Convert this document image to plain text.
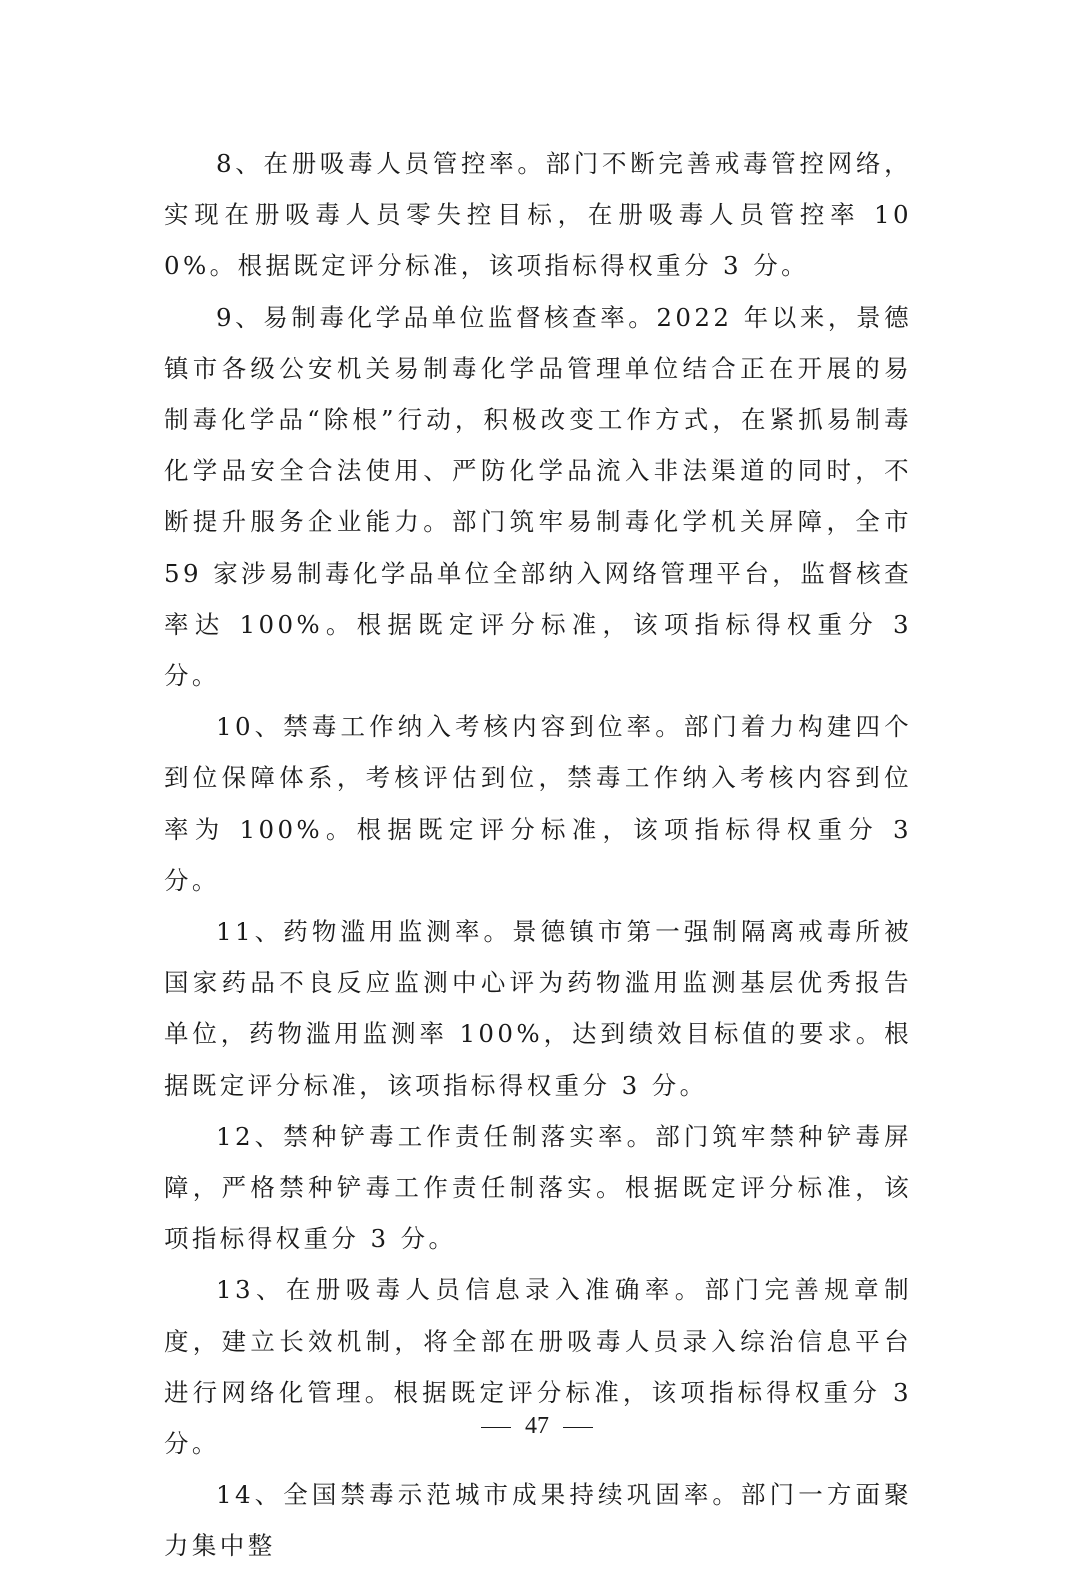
8、在册吸毒人员管控率。部门不断完善戒毒管控网络，实现在册吸毒人员零失控目标，在册吸毒人员管控率 100%。根据既定评分标准，该项指标得权重分 3 分。

9、易制毒化学品单位监督核查率。2022 年以来，景德镇市各级公安机关易制毒化学品管理单位结合正在开展的易制毒化学品“除根”行动，积极改变工作方式，在紧抓易制毒化学品安全合法使用、严防化学品流入非法渠道的同时，不断提升服务企业能力。部门筑牢易制毒化学机关屏障，全市 59 家涉易制毒化学品单位全部纳入网络管理平台，监督核查率达 100%。根据既定评分标准，该项指标得权重分 3 分。

10、禁毒工作纳入考核内容到位率。部门着力构建四个到位保障体系，考核评估到位，禁毒工作纳入考核内容到位率为 100%。根据既定评分标准，该项指标得权重分 3 分。

11、药物滥用监测率。景德镇市第一强制隔离戒毒所被国家药品不良反应监测中心评为药物滥用监测基层优秀报告单位，药物滥用监测率 100%，达到绩效目标值的要求。根据既定评分标准，该项指标得权重分 3 分。

12、禁种铲毒工作责任制落实率。部门筑牢禁种铲毒屏障，严格禁种铲毒工作责任制落实。根据既定评分标准，该项指标得权重分 3 分。

13、在册吸毒人员信息录入准确率。部门完善规章制度，建立长效机制，将全部在册吸毒人员录入综治信息平台进行网络化管理。根据既定评分标准，该项指标得权重分 3 分。

14、全国禁毒示范城市成果持续巩固率。部门一方面聚力集中整

47
